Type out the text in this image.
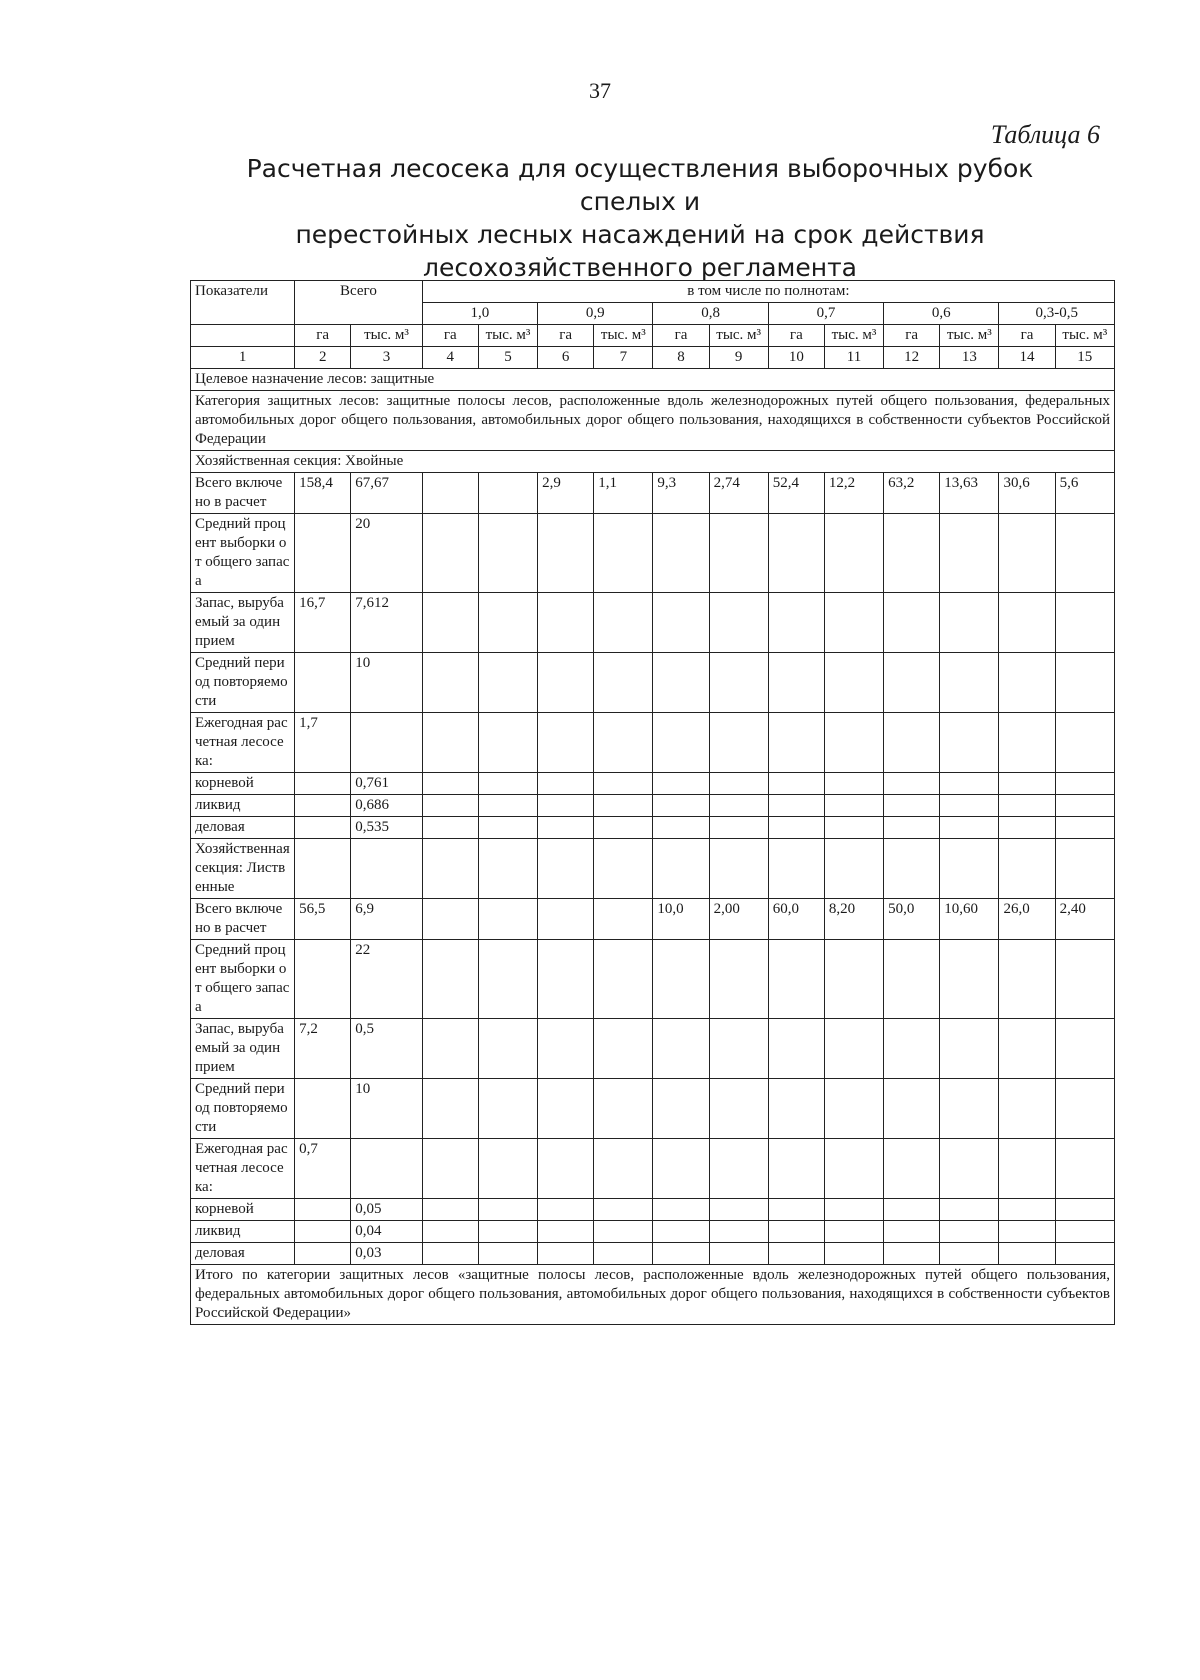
37
Таблица 6
Расчетная лесосека для осуществления выборочных рубок спелых и
перестойных лесных насаждений на срок действия
лесохозяйственного регламента
Показатели	Всего		в том числе по полнотам:											
			1,0		0,9		0,8		0,7		0,6		0,3-0,5	
	га	тыс. м³	га	тыс. м³	га	тыс. м³	га	тыс. м³	га	тыс. м³	га	тыс. м³	га	тыс. м³
1	2	3	4	5	6	7	8	9	10	11	12	13	14	15
Целевое назначение лесов: защитные														
Категория защитных лесов: защитные полосы лесов, расположенные вдоль железнодорожных путей общего пользования, федеральных автомобильных дорог общего пользования, автомобильных дорог общего пользования, находящихся в собственности субъектов Российской Федерации														
Хозяйственная секция: Хвойные														
Всего включено в расчет	158,4	67,67			2,9	1,1	9,3	2,74	52,4	12,2	63,2	13,63	30,6	5,6
Средний процент выборки от общего запаса		20												
Запас, вырубаемый за один прием	16,7	7,612												
Средний период повторяемости		10												
Ежегодная расчетная лесосека:	1,7													
корневой		0,761												
ликвид		0,686												
деловая		0,535												
Хозяйственная секция: Лиственные														
Всего включено в расчет	56,5	6,9					10,0	2,00	60,0	8,20	50,0	10,60	26,0	2,40
Средний процент выборки от общего запаса		22												
Запас, вырубаемый за один прием	7,2	0,5												
Средний период повторяемости		10												
Ежегодная расчетная лесосека:	0,7													
корневой		0,05												
ликвид		0,04												
деловая		0,03												
Итого по категории защитных лесов «защитные полосы лесов, расположенные вдоль железнодорожных путей общего пользования, федеральных автомобильных дорог общего пользования, автомобильных дорог общего пользования, находящихся в собственности субъектов Российской Федерации»														
